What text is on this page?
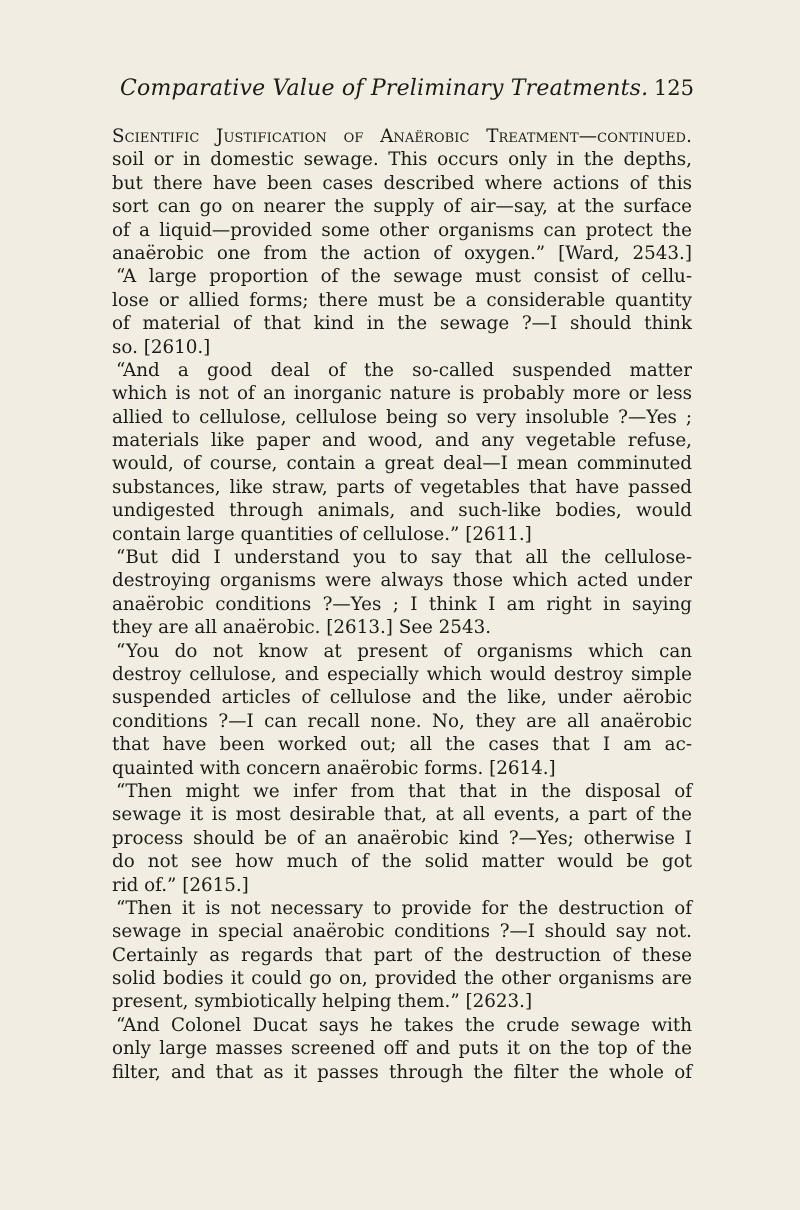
Comparative Value of Preliminary Treatments. 125
Scientific Justification of Anaërobic Treatment—continued.
soil or in domestic sewage. This occurs only in the depths,
but there have been cases described where actions of this
sort can go on nearer the supply of air—say, at the surface
of a liquid—provided some other organisms can protect the
anaërobic one from the action of oxygen.” [Ward, 2543.]
“A large proportion of the sewage must consist of cellu-
lose or allied forms; there must be a considerable quantity
of material of that kind in the sewage ?—I should think
so. [2610.]
“And a good deal of the so-called suspended matter
which is not of an inorganic nature is probably more or less
allied to cellulose, cellulose being so very insoluble ?—Yes ;
materials like paper and wood, and any vegetable refuse,
would, of course, contain a great deal—I mean comminuted
substances, like straw, parts of vegetables that have passed
undigested through animals, and such-like bodies, would
contain large quantities of cellulose.” [2611.]
“But did I understand you to say that all the cellulose-
destroying organisms were always those which acted under
anaërobic conditions ?—Yes ; I think I am right in saying
they are all anaërobic. [2613.] See 2543.
“You do not know at present of organisms which can
destroy cellulose, and especially which would destroy simple
suspended articles of cellulose and the like, under aërobic
conditions ?—I can recall none. No, they are all anaërobic
that have been worked out; all the cases that I am ac-
quainted with concern anaërobic forms. [2614.]
“Then might we infer from that that in the disposal of
sewage it is most desirable that, at all events, a part of the
process should be of an anaërobic kind ?—Yes; otherwise I
do not see how much of the solid matter would be got
rid of.” [2615.]
“Then it is not necessary to provide for the destruction of
sewage in special anaërobic conditions ?—I should say not.
Certainly as regards that part of the destruction of these
solid bodies it could go on, provided the other organisms are
present, symbiotically helping them.” [2623.]
“And Colonel Ducat says he takes the crude sewage with
only large masses screened off and puts it on the top of the
filter, and that as it passes through the filter the whole of
